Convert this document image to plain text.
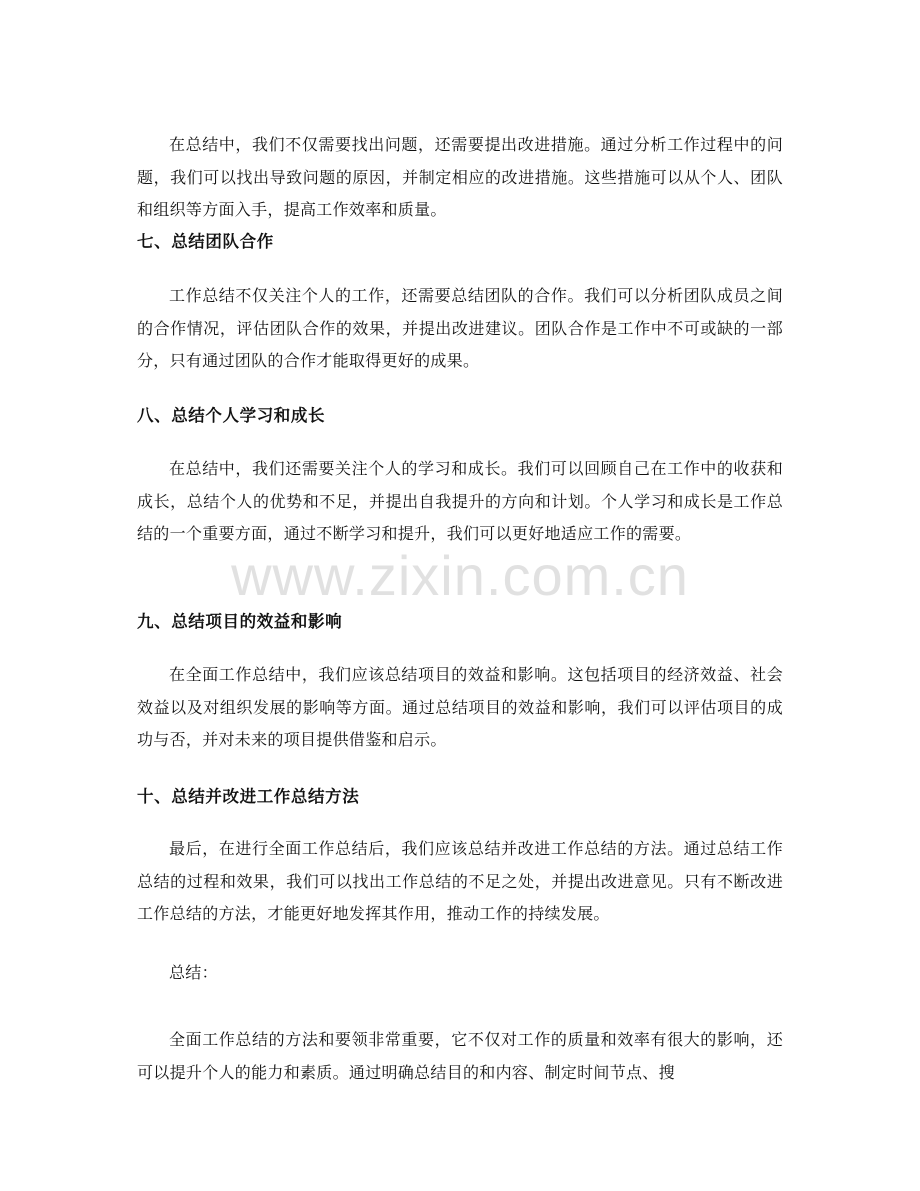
在总结中，我们不仅需要找出问题，还需要提出改进措施。通过分析工作过程中的问题，我们可以找出导致问题的原因，并制定相应的改进措施。这些措施可以从个人、团队和组织等方面入手，提高工作效率和质量。

七、总结团队合作

工作总结不仅关注个人的工作，还需要总结团队的合作。我们可以分析团队成员之间的合作情况，评估团队合作的效果，并提出改进建议。团队合作是工作中不可或缺的一部分，只有通过团队的合作才能取得更好的成果。

八、总结个人学习和成长

在总结中，我们还需要关注个人的学习和成长。我们可以回顾自己在工作中的收获和成长，总结个人的优势和不足，并提出自我提升的方向和计划。个人学习和成长是工作总结的一个重要方面，通过不断学习和提升，我们可以更好地适应工作的需要。

九、总结项目的效益和影响

在全面工作总结中，我们应该总结项目的效益和影响。这包括项目的经济效益、社会效益以及对组织发展的影响等方面。通过总结项目的效益和影响，我们可以评估项目的成功与否，并对未来的项目提供借鉴和启示。

十、总结并改进工作总结方法

最后，在进行全面工作总结后，我们应该总结并改进工作总结的方法。通过总结工作总结的过程和效果，我们可以找出工作总结的不足之处，并提出改进意见。只有不断改进工作总结的方法，才能更好地发挥其作用，推动工作的持续发展。

总结：

全面工作总结的方法和要领非常重要，它不仅对工作的质量和效率有很大的影响，还可以提升个人的能力和素质。通过明确总结目的和内容、制定时间节点、搜

www.zixin.com.cn
